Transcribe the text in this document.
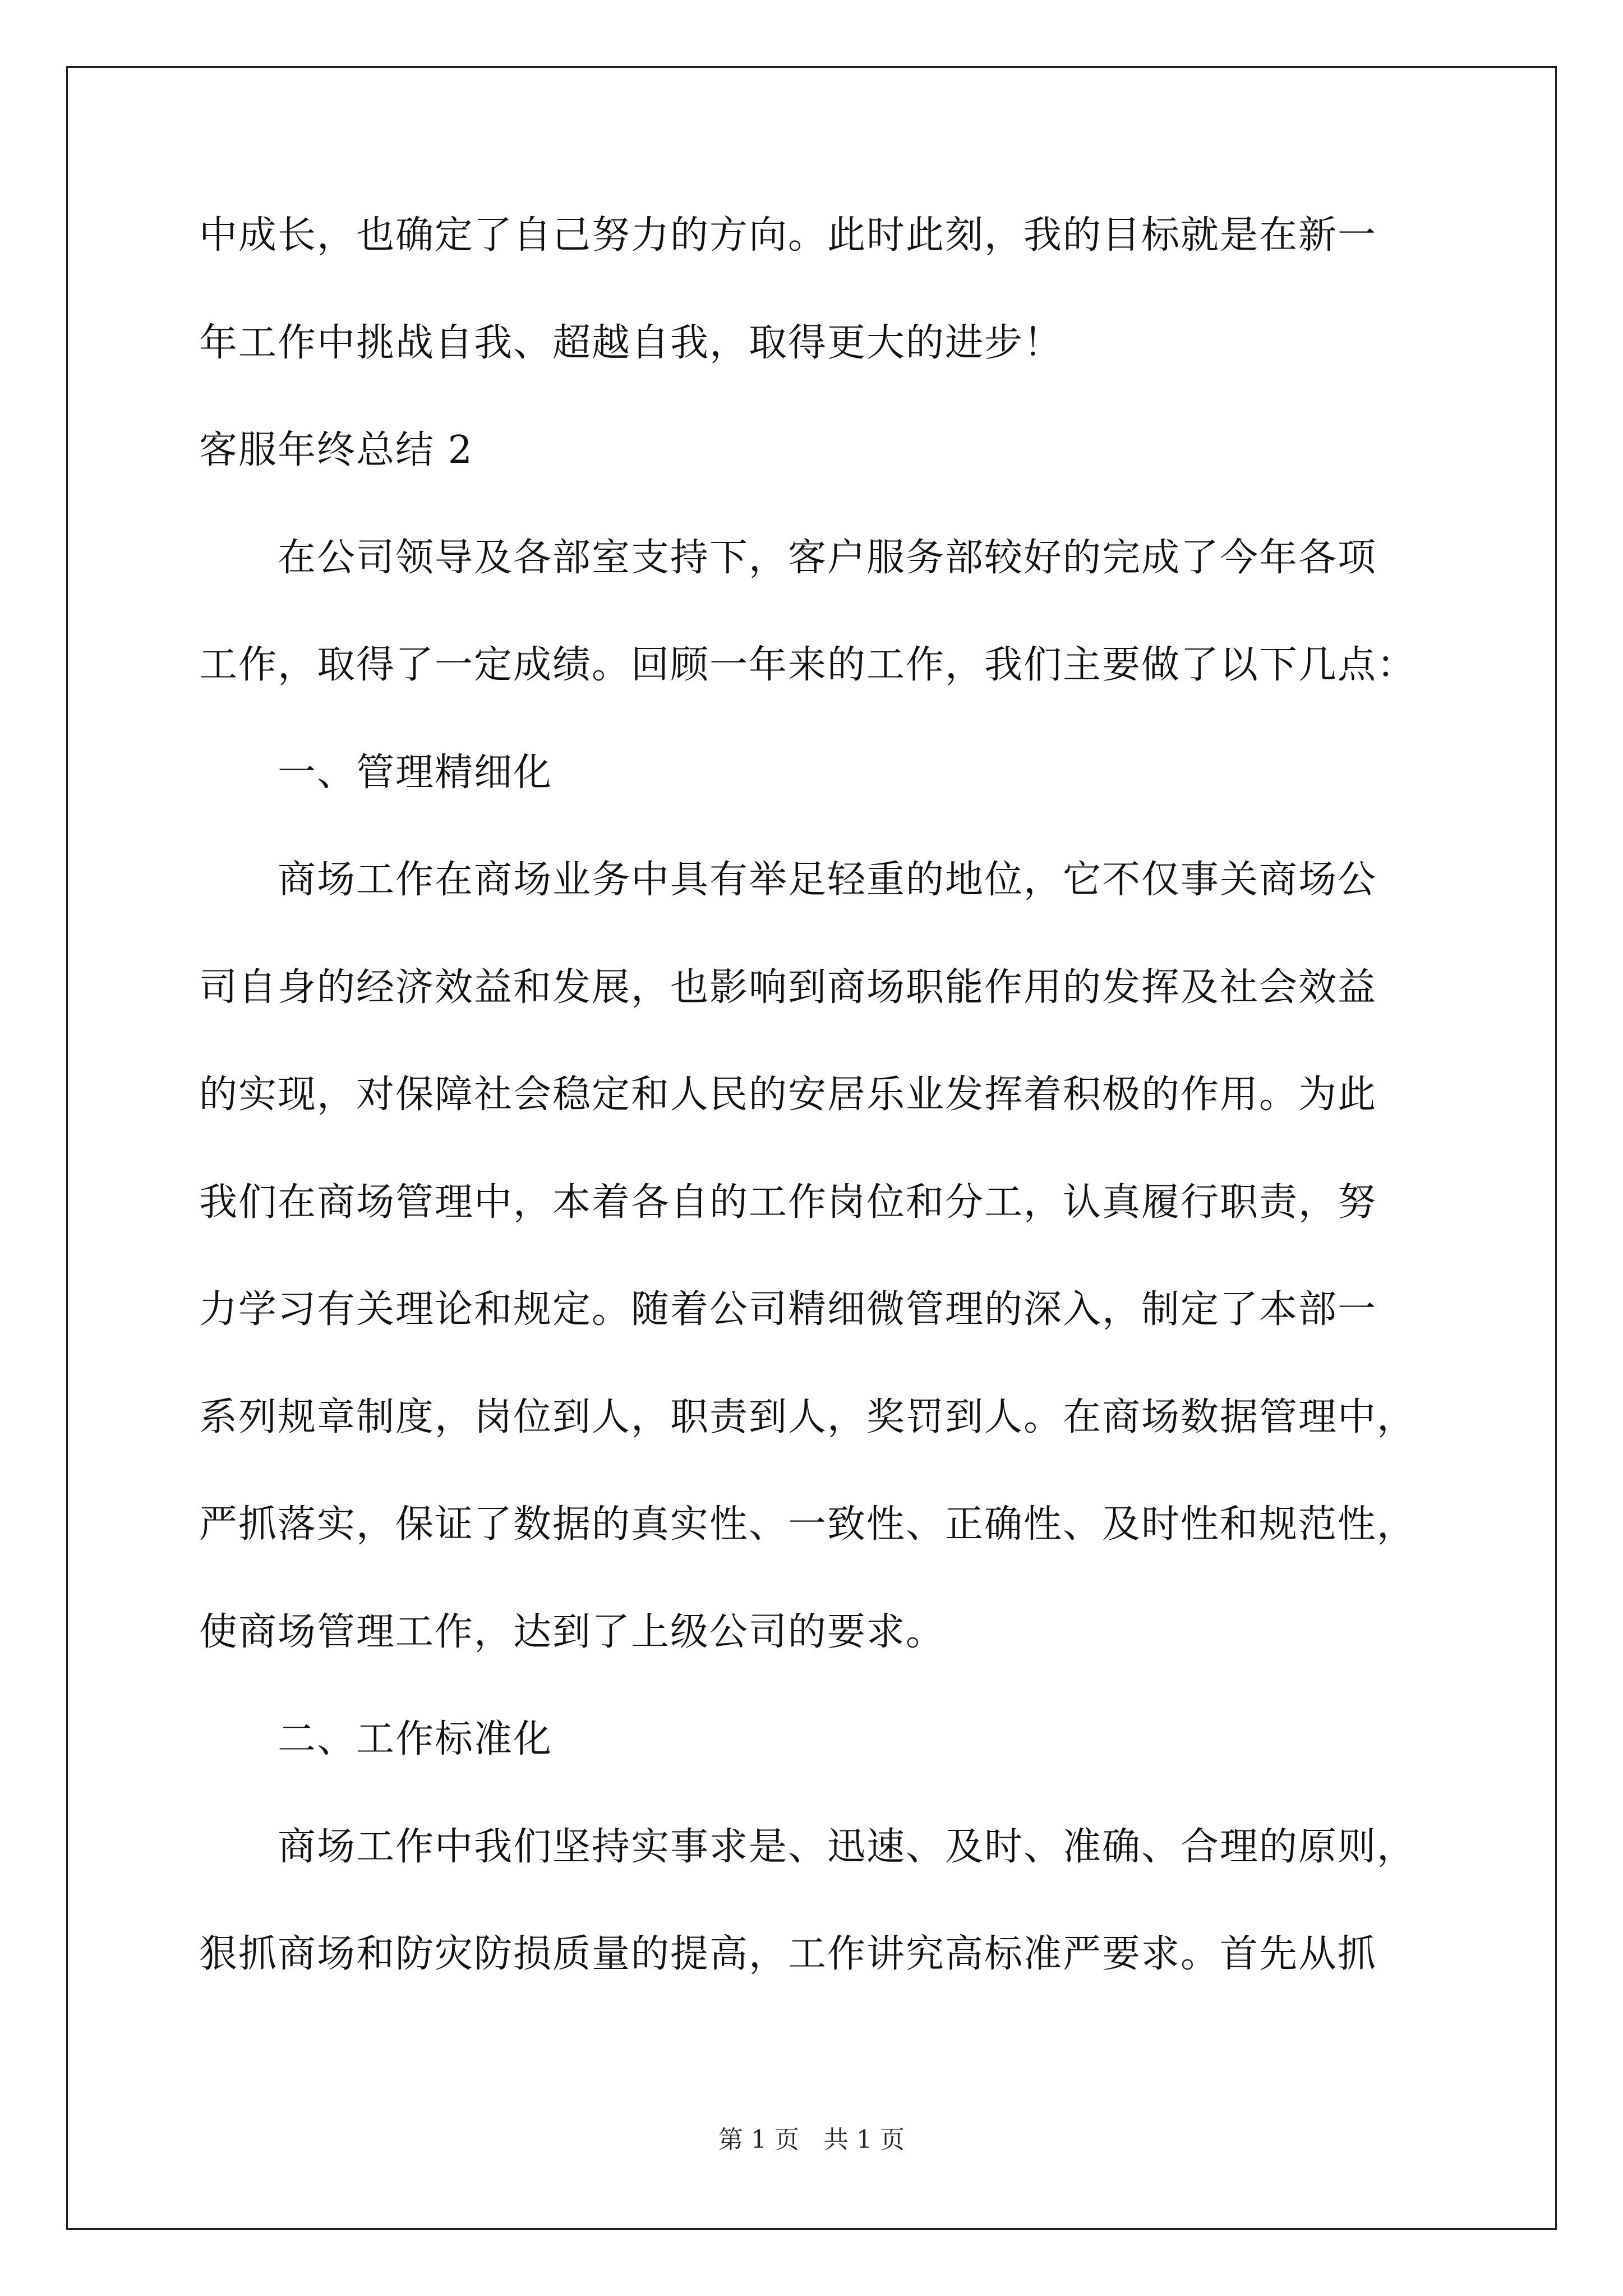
中成长，也确定了自己努力的方向。此时此刻，我的目标就是在新一
年工作中挑战自我、超越自我，取得更大的进步！
客服年终总结 2
　　在公司领导及各部室支持下，客户服务部较好的完成了今年各项
工作，取得了一定成绩。回顾一年来的工作，我们主要做了以下几点：
　　一、管理精细化
　　商场工作在商场业务中具有举足轻重的地位，它不仅事关商场公
司自身的经济效益和发展，也影响到商场职能作用的发挥及社会效益
的实现，对保障社会稳定和人民的安居乐业发挥着积极的作用。为此
我们在商场管理中，本着各自的工作岗位和分工，认真履行职责，努
力学习有关理论和规定。随着公司精细微管理的深入，制定了本部一
系列规章制度，岗位到人，职责到人，奖罚到人。在商场数据管理中，
严抓落实，保证了数据的真实性、一致性、正确性、及时性和规范性，
使商场管理工作，达到了上级公司的要求。
　　二、工作标准化
　　商场工作中我们坚持实事求是、迅速、及时、准确、合理的原则，
狠抓商场和防灾防损质量的提高，工作讲究高标准严要求。首先从抓
第 1 页　共 1 页
